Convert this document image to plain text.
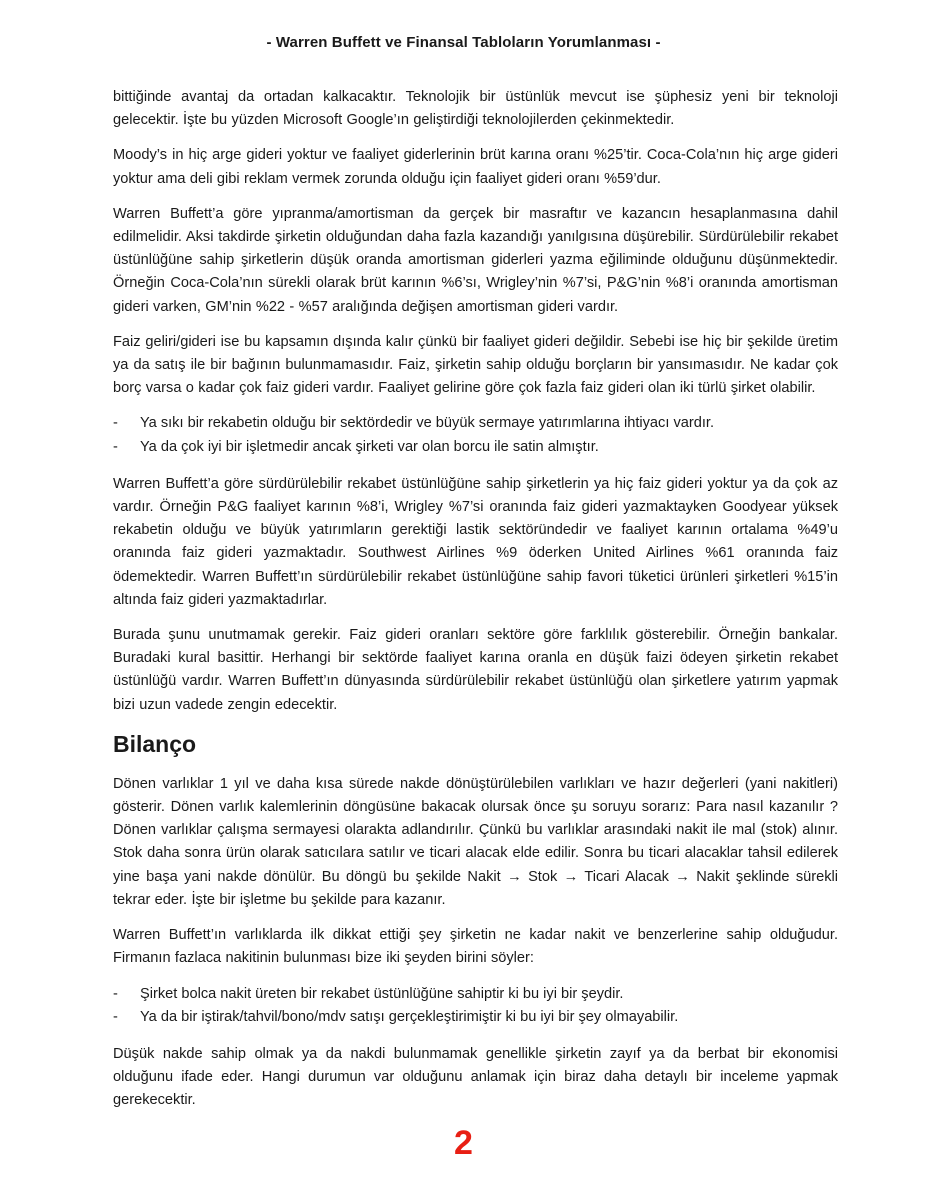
- Warren Buffett ve Finansal Tabloların Yorumlanması -

bittiğinde avantaj da ortadan kalkacaktır. Teknolojik bir üstünlük mevcut ise şüphesiz yeni bir teknoloji gelecektir. İşte bu yüzden Microsoft Google’ın geliştirdiği teknolojilerden çekinmektedir.

Moody’s in hiç arge gideri yoktur ve faaliyet giderlerinin brüt karına oranı %25’tir. Coca-Cola’nın hiç arge gideri yoktur ama deli gibi reklam vermek zorunda olduğu için faaliyet gideri oranı %59’dur.

Warren Buffett’a göre yıpranma/amortisman da gerçek bir masraftır ve kazancın hesaplanmasına dahil edilmelidir. Aksi takdirde şirketin olduğundan daha fazla kazandığı yanılgısına düşürebilir. Sürdürülebilir rekabet üstünlüğüne sahip şirketlerin düşük oranda amortisman giderleri yazma eğiliminde olduğunu düşünmektedir. Örneğin Coca-Cola’nın sürekli olarak brüt karının %6’sı, Wrigley’nin %7’si, P&G’nin %8’i oranında amortisman gideri varken, GM’nin %22 - %57 aralığında değişen amortisman gideri vardır.

Faiz geliri/gideri ise bu kapsamın dışında kalır çünkü bir faaliyet gideri değildir. Sebebi ise hiç bir şekilde üretim ya da satış ile bir bağının bulunmamasıdır. Faiz, şirketin sahip olduğu borçların bir yansımasıdır. Ne kadar çok borç varsa o kadar çok faiz gideri vardır. Faaliyet gelirine göre çok fazla faiz gideri olan iki türlü şirket olabilir.

- Ya sıkı bir rekabetin olduğu bir sektördedir ve büyük sermaye yatırımlarına ihtiyacı vardır.
- Ya da çok iyi bir işletmedir ancak şirketi var olan borcu ile satin almıştır.

Warren Buffett’a göre sürdürülebilir rekabet üstünlüğüne sahip şirketlerin ya hiç faiz gideri yoktur ya da çok az vardır. Örneğin P&G faaliyet karının %8’i, Wrigley %7’si oranında faiz gideri yazmaktayken Goodyear yüksek rekabetin olduğu ve büyük yatırımların gerektiği lastik sektöründedir ve faaliyet karının ortalama %49’u oranında faiz gideri yazmaktadır. Southwest Airlines %9 öderken United Airlines %61 oranında faiz ödemektedir. Warren Buffett’ın sürdürülebilir rekabet üstünlüğüne sahip favori tüketici ürünleri şirketleri %15’in altında faiz gideri yazmaktadırlar.

Burada şunu unutmamak gerekir. Faiz gideri oranları sektöre göre farklılık gösterebilir. Örneğin bankalar. Buradaki kural basittir. Herhangi bir sektörde faaliyet karına oranla en düşük faizi ödeyen şirketin rekabet üstünlüğü vardır. Warren Buffett’ın dünyasında sürdürülebilir rekabet üstünlüğü olan şirketlere yatırım yapmak bizi uzun vadede zengin edecektir.

Bilanço

Dönen varlıklar 1 yıl ve daha kısa sürede nakde dönüştürülebilen varlıkları ve hazır değerleri (yani nakitleri) gösterir. Dönen varlık kalemlerinin döngüsüne bakacak olursak önce şu soruyu sorarız: Para nasıl kazanılır ? Dönen varlıklar çalışma sermayesi olarakta adlandırılır. Çünkü bu varlıklar arasındaki nakit ile mal (stok) alınır. Stok daha sonra ürün olarak satıcılara satılır ve ticari alacak elde edilir. Sonra bu ticari alacaklar tahsil edilerek yine başa yani nakde dönülür. Bu döngü bu şekilde Nakit → Stok → Ticari Alacak → Nakit şeklinde sürekli tekrar eder. İşte bir işletme bu şekilde para kazanır.

Warren Buffett’ın varlıklarda ilk dikkat ettiği şey şirketin ne kadar nakit ve benzerlerine sahip olduğudur. Firmanın fazlaca nakitinin bulunması bize iki şeyden birini söyler:

- Şirket bolca nakit üreten bir rekabet üstünlüğüne sahiptir ki bu iyi bir şeydir.
- Ya da bir iştirak/tahvil/bono/mdv satışı gerçekleştirimiştir ki bu iyi bir şey olmayabilir.

Düşük nakde sahip olmak ya da nakdi bulunmamak genellikle şirketin zayıf ya da berbat bir ekonomisi olduğunu ifade eder. Hangi durumun var olduğunu anlamak için biraz daha detaylı bir inceleme yapmak gerekecektir.

2
